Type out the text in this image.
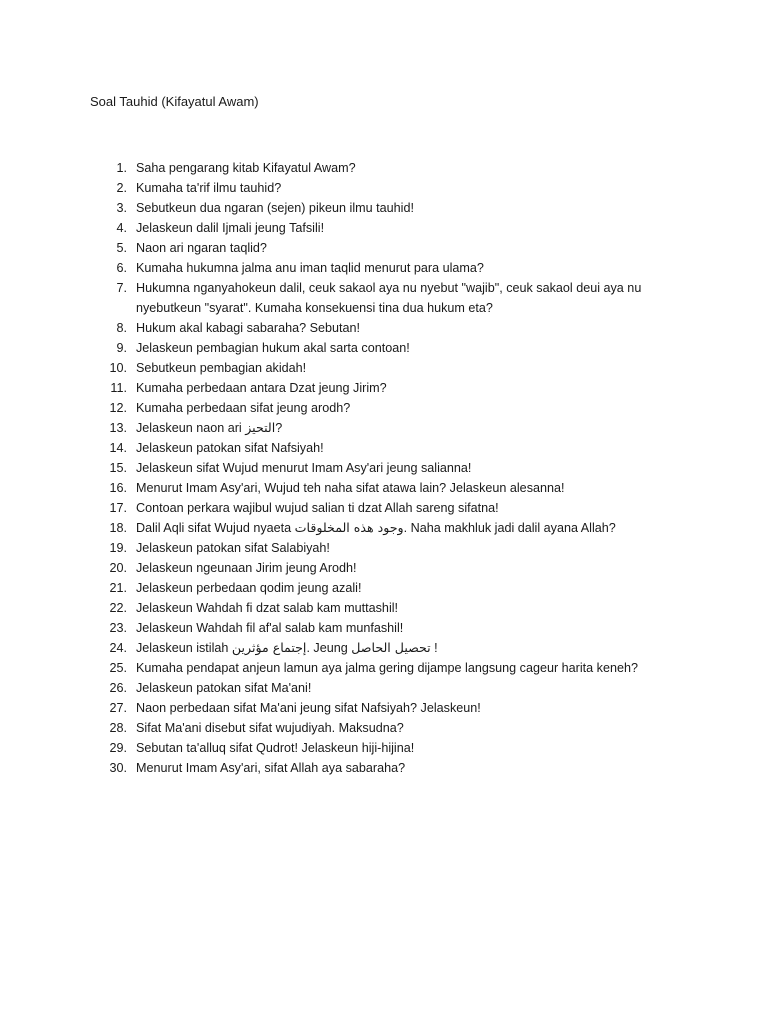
Soal Tauhid (Kifayatul Awam)
1. Saha pengarang kitab Kifayatul Awam?
2. Kumaha ta'rif ilmu tauhid?
3. Sebutkeun dua ngaran (sejen) pikeun ilmu tauhid!
4. Jelaskeun dalil Ijmali jeung Tafsili!
5. Naon ari ngaran taqlid?
6. Kumaha hukumna jalma anu iman taqlid menurut para ulama?
7. Hukumna nganyahokeun dalil, ceuk sakaol aya nu nyebut "wajib", ceuk sakaol deui aya nu nyebutkeun "syarat". Kumaha konsekuensi tina dua hukum eta?
8. Hukum akal kabagi sabaraha? Sebutan!
9. Jelaskeun pembagian hukum akal sarta contoan!
10. Sebutkeun pembagian akidah!
11. Kumaha perbedaan antara Dzat jeung Jirim?
12. Kumaha perbedaan sifat jeung arodh?
13. Jelaskeun naon ari التحيز?
14. Jelaskeun patokan sifat Nafsiyah!
15. Jelaskeun sifat Wujud menurut Imam Asy'ari jeung salianna!
16. Menurut Imam Asy'ari, Wujud teh naha sifat atawa lain? Jelaskeun alesanna!
17. Contoan perkara wajibul wujud salian ti dzat Allah sareng sifatna!
18. Dalil Aqli sifat Wujud nyaeta وجود هذه المخلوقات. Naha makhluk jadi dalil ayana Allah?
19. Jelaskeun patokan sifat Salabiyah!
20. Jelaskeun ngeunaan Jirim jeung Arodh!
21. Jelaskeun perbedaan qodim jeung azali!
22. Jelaskeun Wahdah fi dzat salab kam muttashil!
23. Jelaskeun Wahdah fil af'al salab kam munfashil!
24. Jelaskeun istilah إجتماع مؤثرين. Jeung تحصيل الحاصل !
25. Kumaha pendapat anjeun lamun aya jalma gering dijampe langsung cageur harita keneh?
26. Jelaskeun patokan sifat Ma'ani!
27. Naon perbedaan sifat Ma'ani jeung sifat Nafsiyah? Jelaskeun!
28. Sifat Ma'ani disebut sifat wujudiyah. Maksudna?
29. Sebutan ta'alluq sifat Qudrot! Jelaskeun hiji-hijina!
30. Menurut Imam Asy'ari, sifat Allah aya sabaraha?
